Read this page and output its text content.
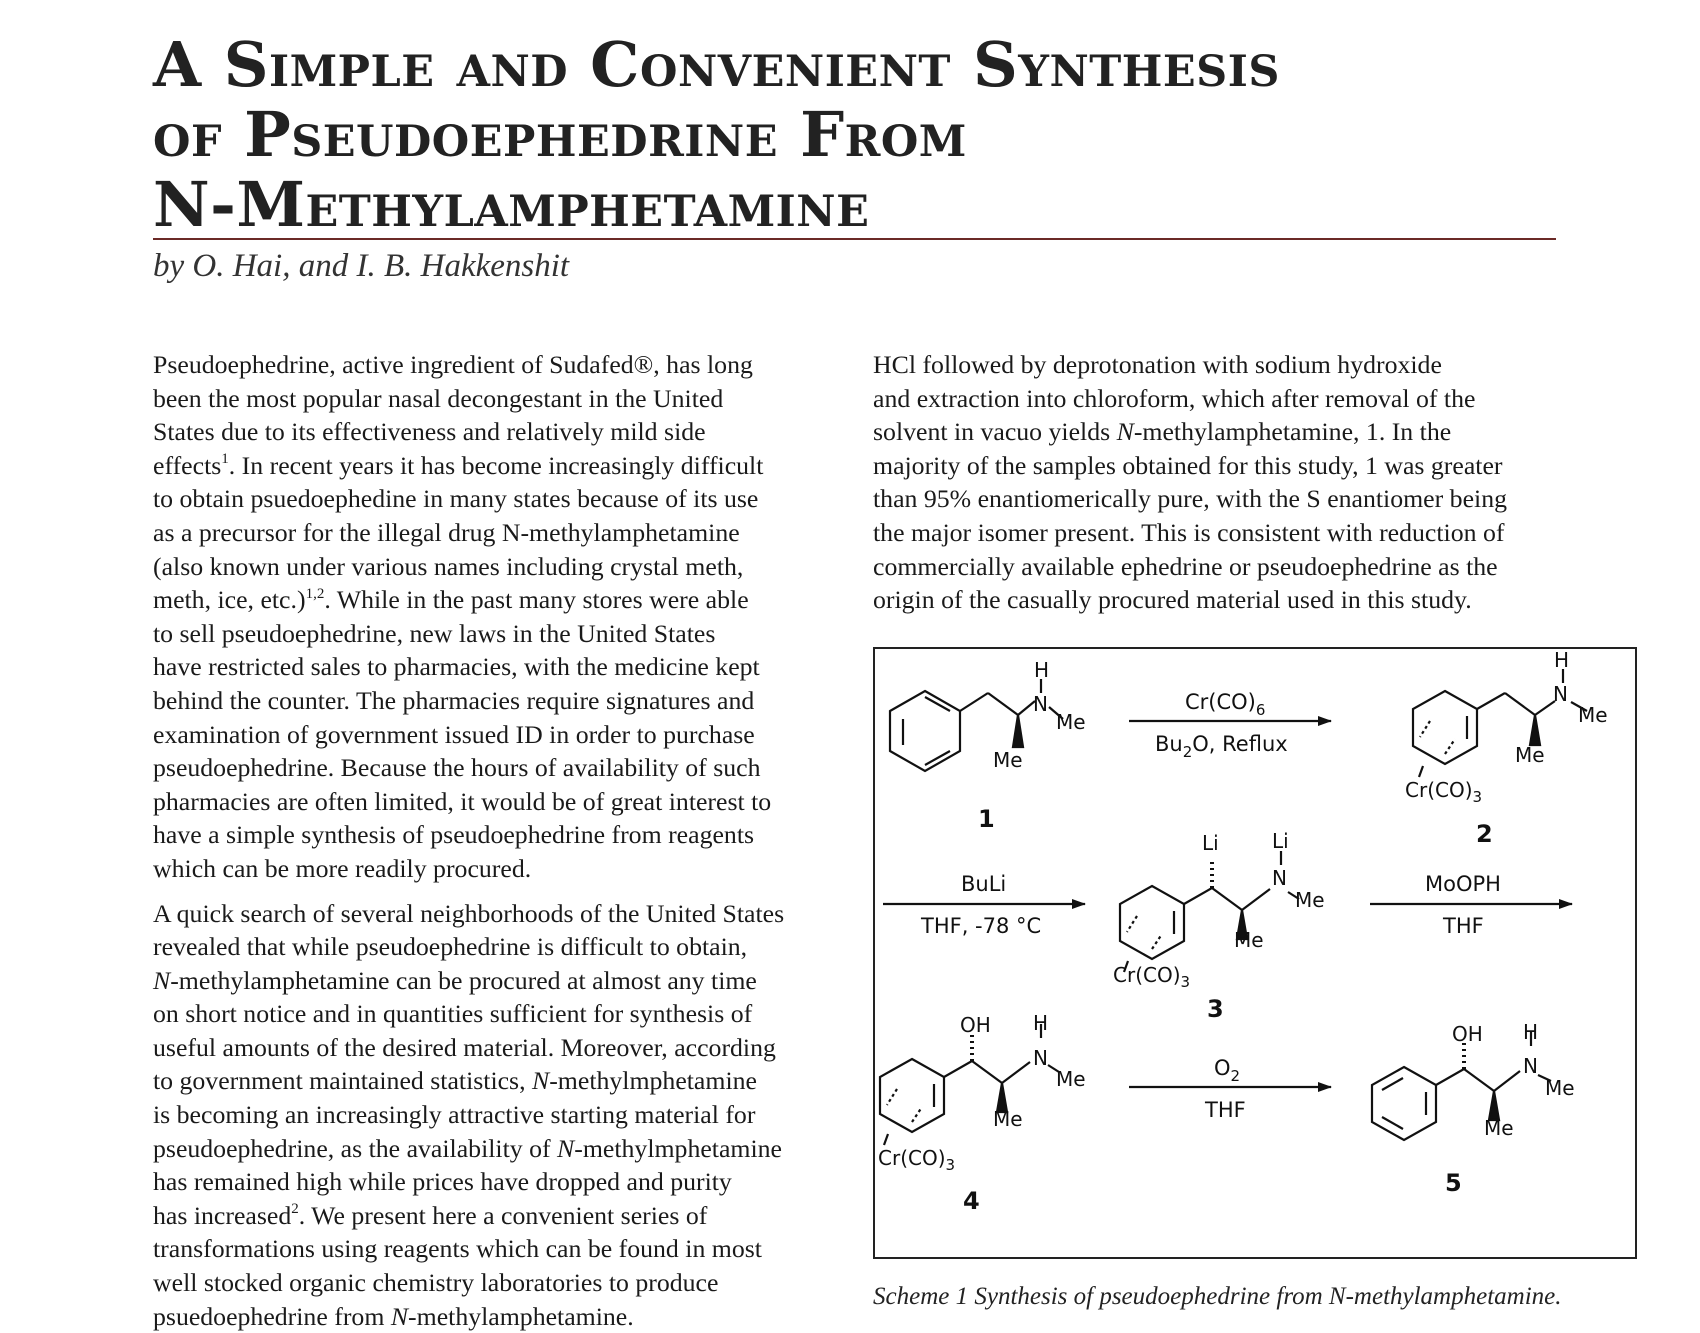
A Simple and Convenient Synthesis
of Pseudoephedrine From
N-Methylamphetamine
by O. Hai, and I. B. Hakkenshit

Pseudoephedrine, active ingredient of Sudafed®, has long
been the most popular nasal decongestant in the United
States due to its effectiveness and relatively mild side
effects$^1$. In recent years it has become increasingly difficult
to obtain psuedoephedine in many states because of its use
as a precursor for the illegal drug N-methylamphetamine
(also known under various names including crystal meth,
meth, ice, etc.)$^{1,2}$. While in the past many stores were able
to sell pseudoephedrine, new laws in the United States
have restricted sales to pharmacies, with the medicine kept
behind the counter. The pharmacies require signatures and
examination of government issued ID in order to purchase
pseudoephedrine. Because the hours of availability of such
pharmacies are often limited, it would be of great interest to
have a simple synthesis of pseudoephedrine from reagents
which can be more readily procured.

A quick search of several neighborhoods of the United States
revealed that while pseudoephedrine is difficult to obtain,
N-methylamphetamine can be procured at almost any time
on short notice and in quantities sufficient for synthesis of
useful amounts of the desired material. Moreover, according
to government maintained statistics, N-methylmphetamine
is becoming an increasingly attractive starting material for
pseudoephedrine, as the availability of N-methylmphetamine
has remained high while prices have dropped and purity
has increased$^2$. We present here a convenient series of
transformations using reagents which can be found in most
well stocked organic chemistry laboratories to produce
psuedoephedrine from N-methylamphetamine.

HCl followed by deprotonation with sodium hydroxide
and extraction into chloroform, which after removal of the
solvent in vacuo yields N-methylamphetamine, 1. In the
majority of the samples obtained for this study, 1 was greater
than 95% enantiomerically pure, with the S enantiomer being
the major isomer present. This is consistent with reduction of
commercially available ephedrine or pseudoephedrine as the
origin of the casually procured material used in this study.

H
N
Me
Me
1
$Cr(CO)_6$
$Bu_2O$, Reflux
H
N
Me
Me
$Cr(CO)_3$
2
BuLi
THF, -78 °C
Li	Li
N
Me
Me
$Cr(CO)_3$
3
MoOPH
THF
OH H
N
Me
Me
$Cr(CO)_3$
4
$O_2$
THF
OH H
N
Me
Me
5
Scheme 1 Synthesis of pseudoephedrine from N-methylamphetamine.
